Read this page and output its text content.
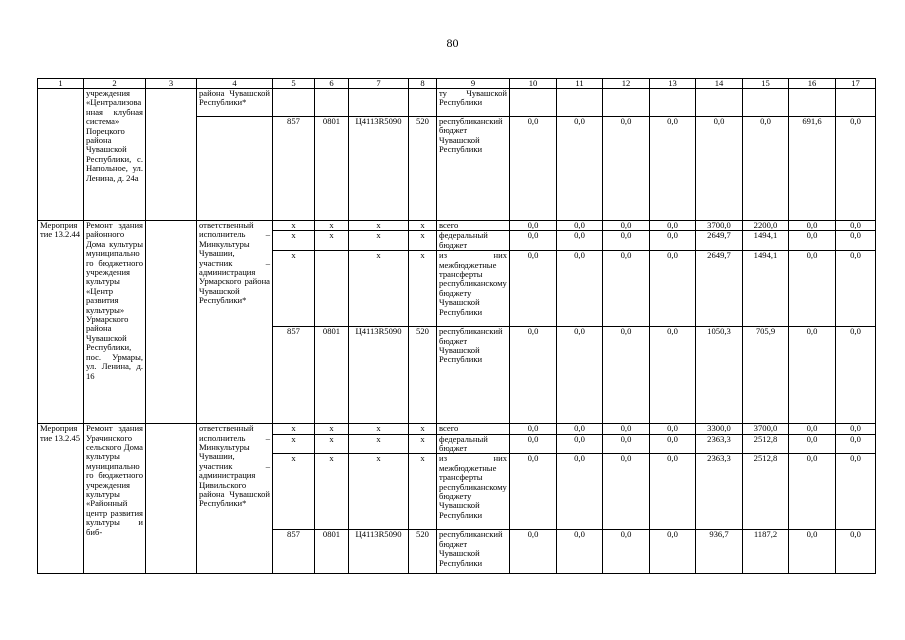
80
1	2	3	4	5	6	7	8	9	10	11	12	13	14	15	16	17
	учреждения «Централизованная клубная система» Порецкого района Чувашской Республики, с. Напольное, ул. Ленина, д. 24а		района Чувашской Республики*					ту Чувашской Республики								
				857	0801	Ц4113R5090	520	республиканский бюджет Чувашской Республики	0,0	0,0	0,0	0,0	0,0	0,0	691,6	0,0
Мероприятие 13.2.44	Ремонт здания районного Дома культуры муниципального бюджетного учреждения культуры «Центр развития культуры» Урмарского района Чувашской Республики, пос. Урмары, ул. Ленина, д. 16		ответственный исполнитель – Минкультуры Чувашии, участник – администрация Урмарского района Чувашской Республики*	x	x	x	x	всего	0,0	0,0	0,0	0,0	3700,0	2200,0	0,0	0,0
				x	x	x	x	федеральный бюджет	0,0	0,0	0,0	0,0	2649,7	1494,1	0,0	0,0
				x		x	x	из них межбюджетные трансферты республиканскому бюджету Чувашской Республики	0,0	0,0	0,0	0,0	2649,7	1494,1	0,0	0,0
				857	0801	Ц4113R5090	520	республиканский бюджет Чувашской Республики	0,0	0,0	0,0	0,0	1050,3	705,9	0,0	0,0
Мероприятие 13.2.45	Ремонт здания Урачинского сельского Дома культуры муниципального бюджетного учреждения культуры «Районный центр развития культуры и биб-		ответственный исполнитель – Минкультуры Чувашии, участник – администрация Цивильского района Чувашской Республики*	x	x	x	x	всего	0,0	0,0	0,0	0,0	3300,0	3700,0	0,0	0,0
				x	x	x	x	федеральный бюджет	0,0	0,0	0,0	0,0	2363,3	2512,8	0,0	0,0
				x	x	x	x	из них межбюджетные трансферты республиканскому бюджету Чувашской Республики	0,0	0,0	0,0	0,0	2363,3	2512,8	0,0	0,0
				857	0801	Ц4113R5090	520	республиканский бюджет Чувашской Республики	0,0	0,0	0,0	0,0	936,7	1187,2	0,0	0,0
